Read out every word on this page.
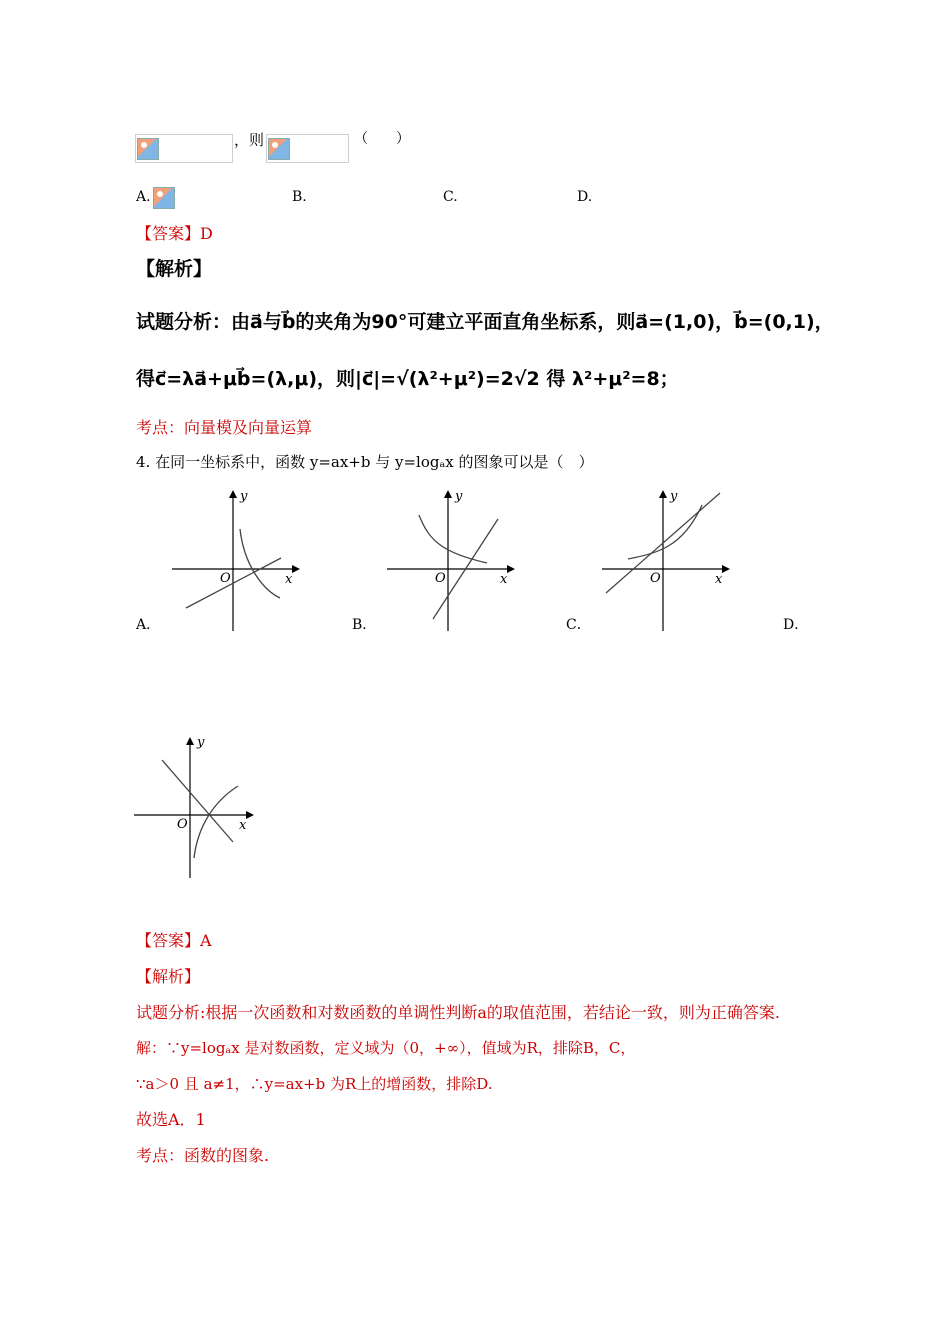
，则	（　　）
A.	B.	C.	D.
【答案】D
【解析】
试题分析：由a⃗与b⃗的夹角为90°可建立平面直角坐标系，则a⃗=(1,0)，b⃗=(0,1)，
得c⃗=λa⃗+μb⃗=(λ,μ)，则|c⃗|=√(λ²+μ²)=2√2 得 λ²+μ²=8；
考点：向量模及向量运算
4. 在同一坐标系中，函数 y=ax+b 与 y=logₐx 的图象可以是（　）
y
x
O
y
x
O
y
x
O
A．	B．	C．	D．
y
x
O
【答案】A
【解析】
试题分析:根据一次函数和对数函数的单调性判断a的取值范围，若结论一致，则为正确答案.
解：∵y=logₐx 是对数函数，定义域为（0，+∞），值域为R，排除B，C，
∵a＞0 且 a≠1，∴y=ax+b 为R上的增函数，排除D.
故选A．1
考点：函数的图象.
